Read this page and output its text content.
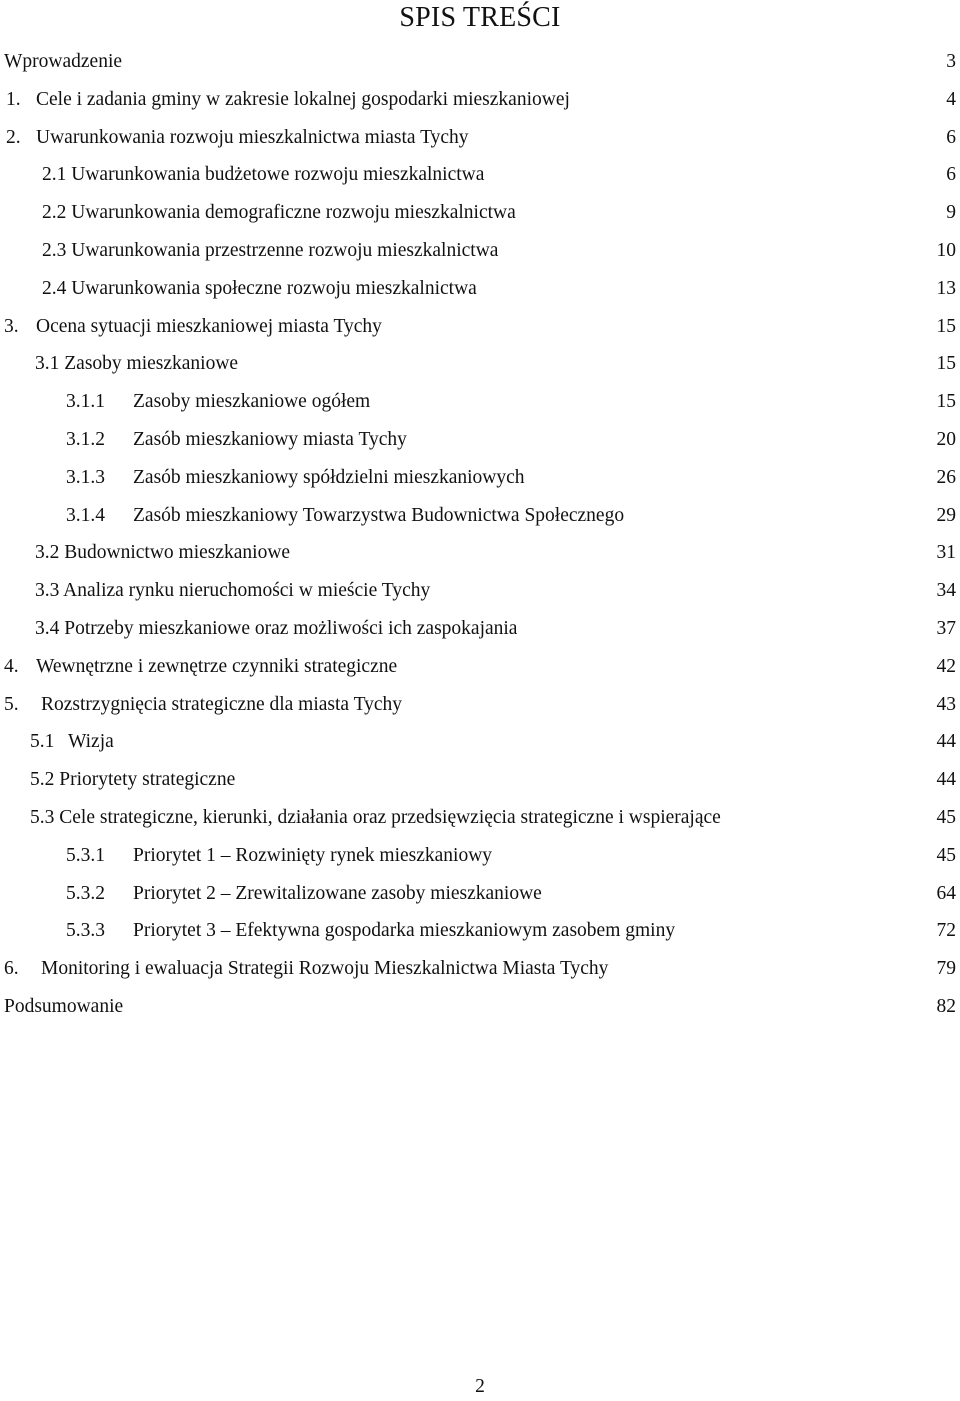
SPIS TREŚCI
Wprowadzenie	3
1. Cele i zadania gminy w zakresie lokalnej gospodarki mieszkaniowej	4
2. Uwarunkowania rozwoju mieszkalnictwa miasta Tychy	6
2.1 Uwarunkowania budżetowe rozwoju mieszkalnictwa	6
2.2 Uwarunkowania demograficzne rozwoju mieszkalnictwa	9
2.3 Uwarunkowania przestrzenne rozwoju mieszkalnictwa	10
2.4 Uwarunkowania społeczne rozwoju mieszkalnictwa	13
3. Ocena sytuacji mieszkaniowej miasta Tychy	15
3.1 Zasoby mieszkaniowe	15
3.1.1 Zasoby mieszkaniowe ogółem	15
3.1.2 Zasób mieszkaniowy miasta Tychy	20
3.1.3 Zasób mieszkaniowy spółdzielni mieszkaniowych	26
3.1.4 Zasób mieszkaniowy Towarzystwa Budownictwa Społecznego	29
3.2 Budownictwo mieszkaniowe	31
3.3 Analiza rynku nieruchomości w mieście Tychy	34
3.4 Potrzeby mieszkaniowe oraz możliwości ich zaspokajania	37
4. Wewnętrzne i zewnętrze czynniki strategiczne	42
5. Rozstrzygnięcia strategiczne dla miasta Tychy	43
5.1 Wizja	44
5.2 Priorytety strategiczne	44
5.3 Cele strategiczne, kierunki, działania oraz przedsięwzięcia strategiczne i wspierające	45
5.3.1 Priorytet 1 – Rozwinięty rynek mieszkaniowy	45
5.3.2 Priorytet 2 – Zrewitalizowane zasoby mieszkaniowe	64
5.3.3 Priorytet 3 – Efektywna gospodarka mieszkaniowym zasobem gminy	72
6. Monitoring i ewaluacja Strategii Rozwoju Mieszkalnictwa Miasta Tychy	79
Podsumowanie	82
2
